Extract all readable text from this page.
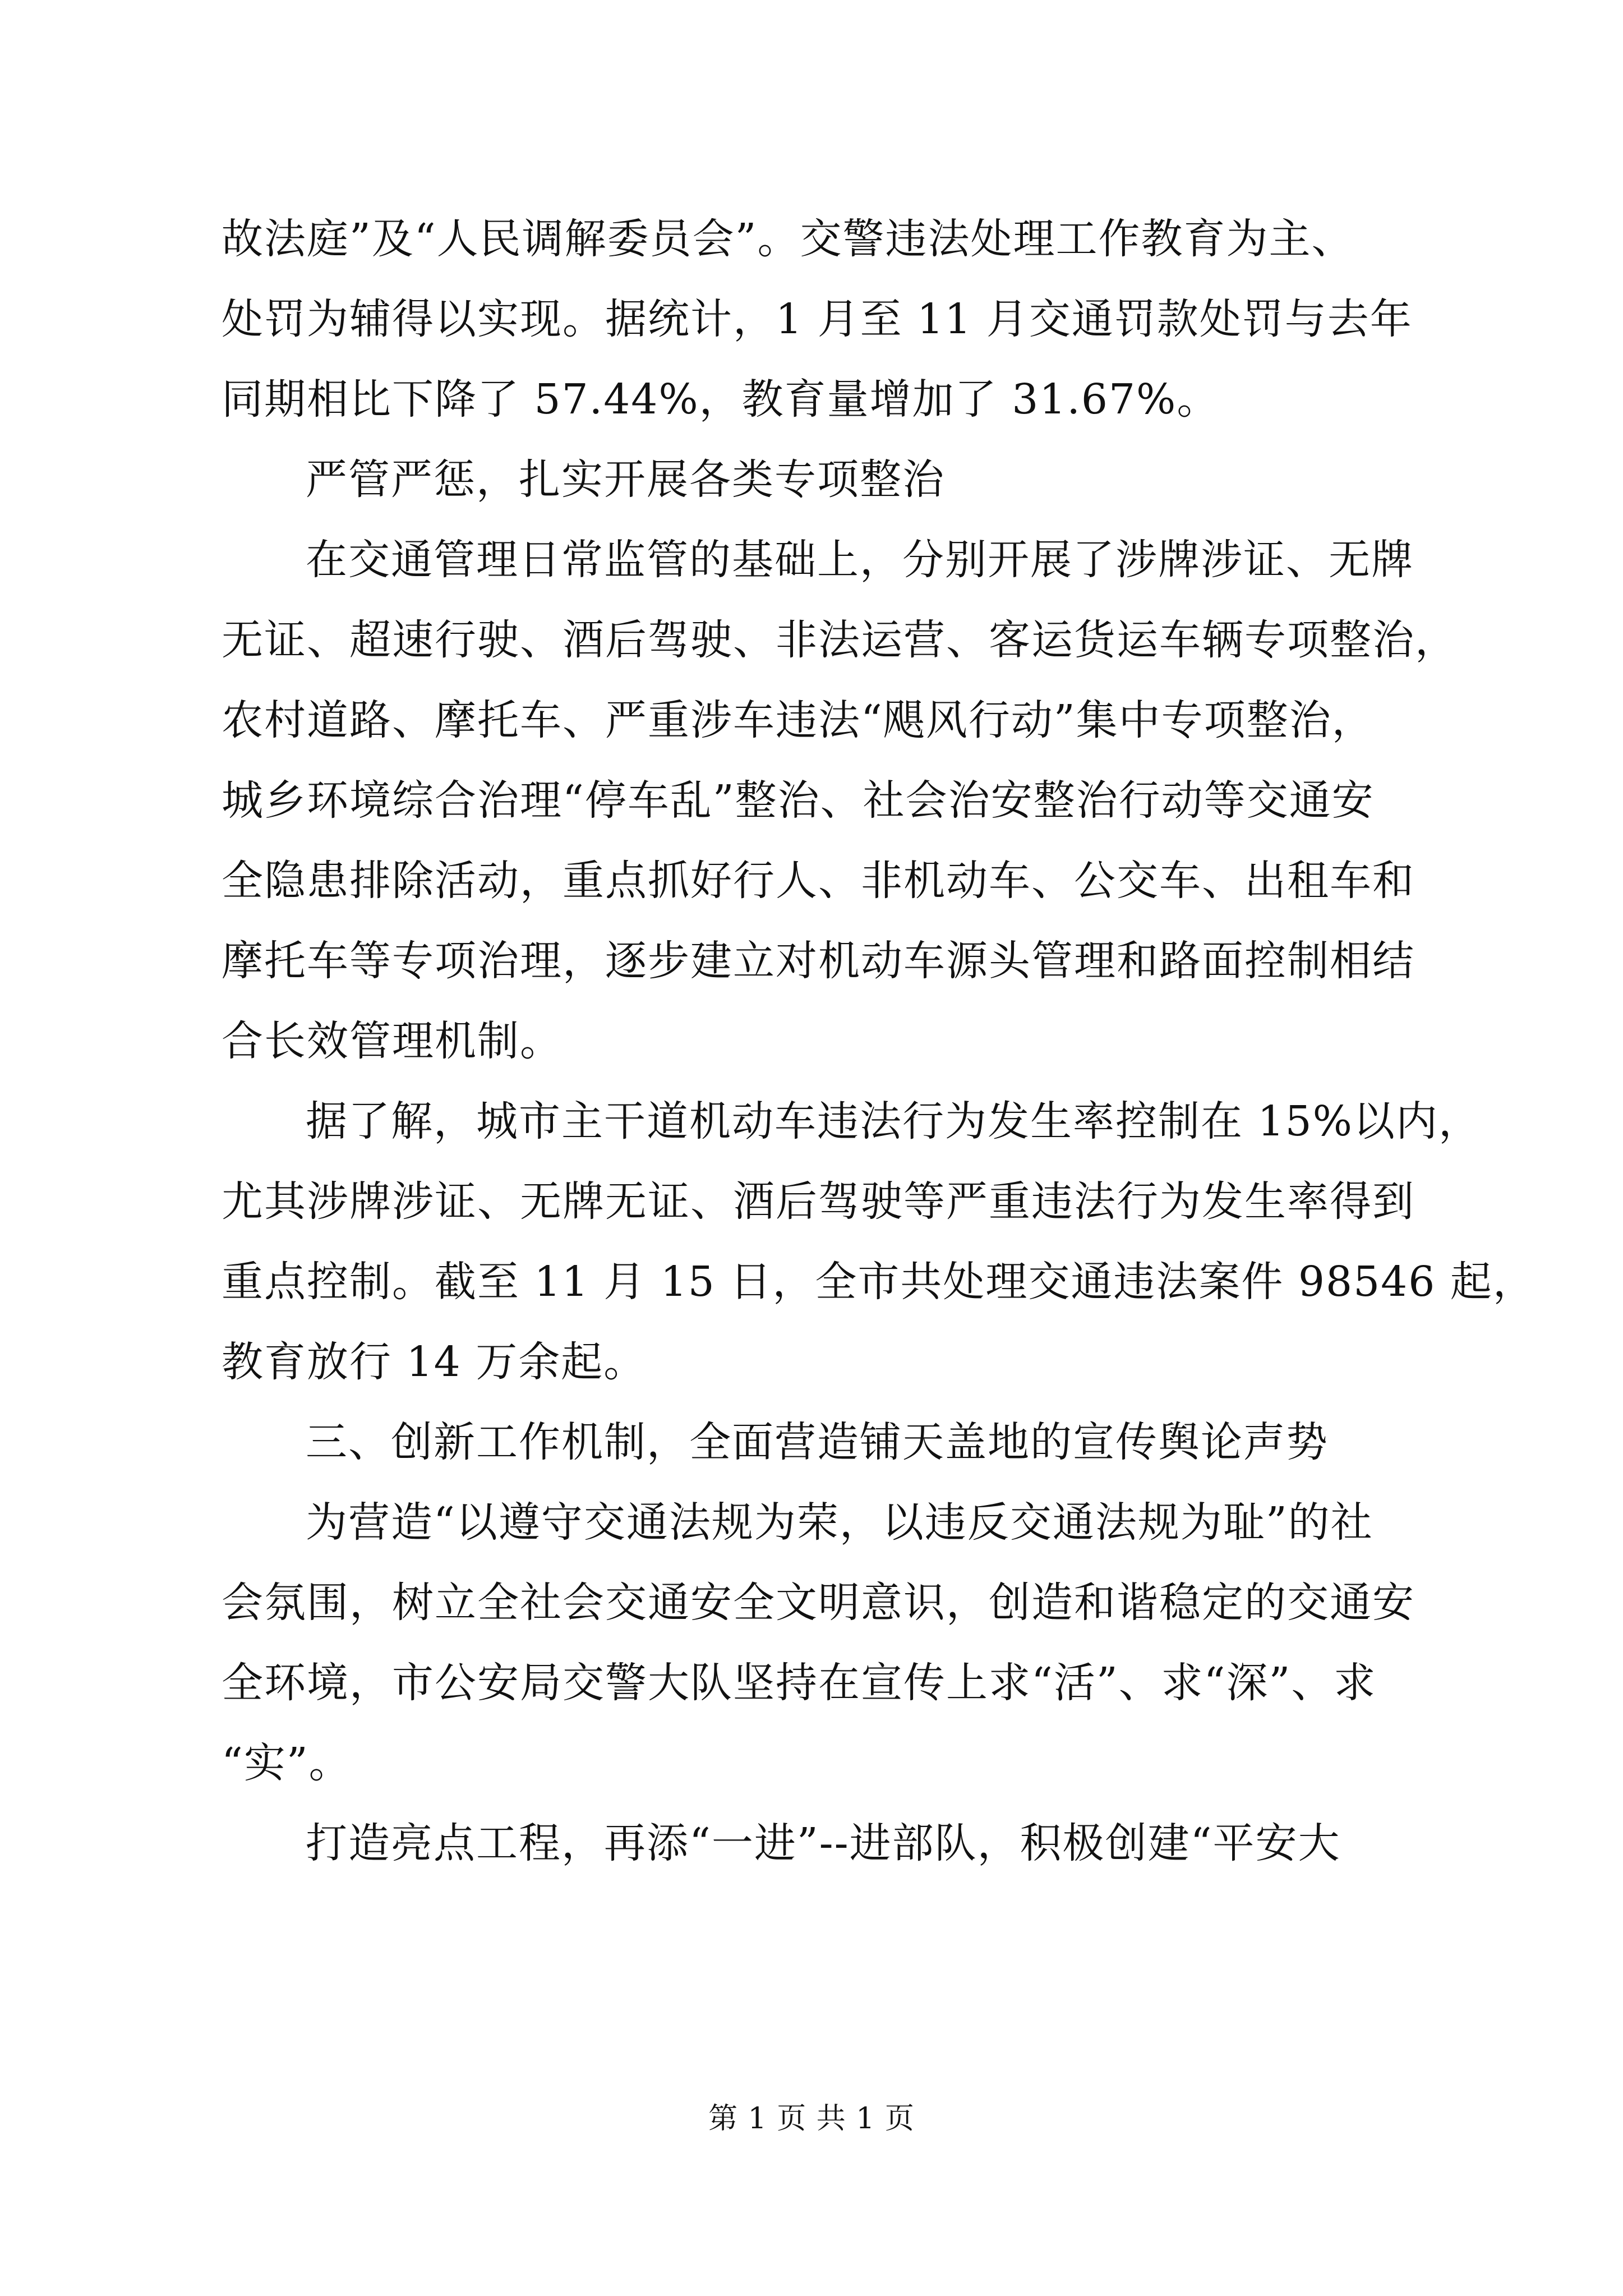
故法庭”及“人民调解委员会”。交警违法处理工作教育为主、
处罚为辅得以实现。据统计，1 月至 11 月交通罚款处罚与去年
同期相比下降了 57.44%，教育量增加了 31.67%。
严管严惩，扎实开展各类专项整治
在交通管理日常监管的基础上，分别开展了涉牌涉证、无牌
无证、超速行驶、酒后驾驶、非法运营、客运货运车辆专项整治，
农村道路、摩托车、严重涉车违法“飓风行动”集中专项整治，
城乡环境综合治理“停车乱”整治、社会治安整治行动等交通安
全隐患排除活动，重点抓好行人、非机动车、公交车、出租车和
摩托车等专项治理，逐步建立对机动车源头管理和路面控制相结
合长效管理机制。
据了解，城市主干道机动车违法行为发生率控制在 15%以内，
尤其涉牌涉证、无牌无证、酒后驾驶等严重违法行为发生率得到
重点控制。截至 11 月 15 日，全市共处理交通违法案件 98546 起，
教育放行 14 万余起。
三、创新工作机制，全面营造铺天盖地的宣传舆论声势
为营造“以遵守交通法规为荣，以违反交通法规为耻”的社
会氛围，树立全社会交通安全文明意识，创造和谐稳定的交通安
全环境，市公安局交警大队坚持在宣传上求“活”、求“深”、求
“实”。
打造亮点工程，再添“一进”--进部队，积极创建“平安大
第 1 页 共 1 页
